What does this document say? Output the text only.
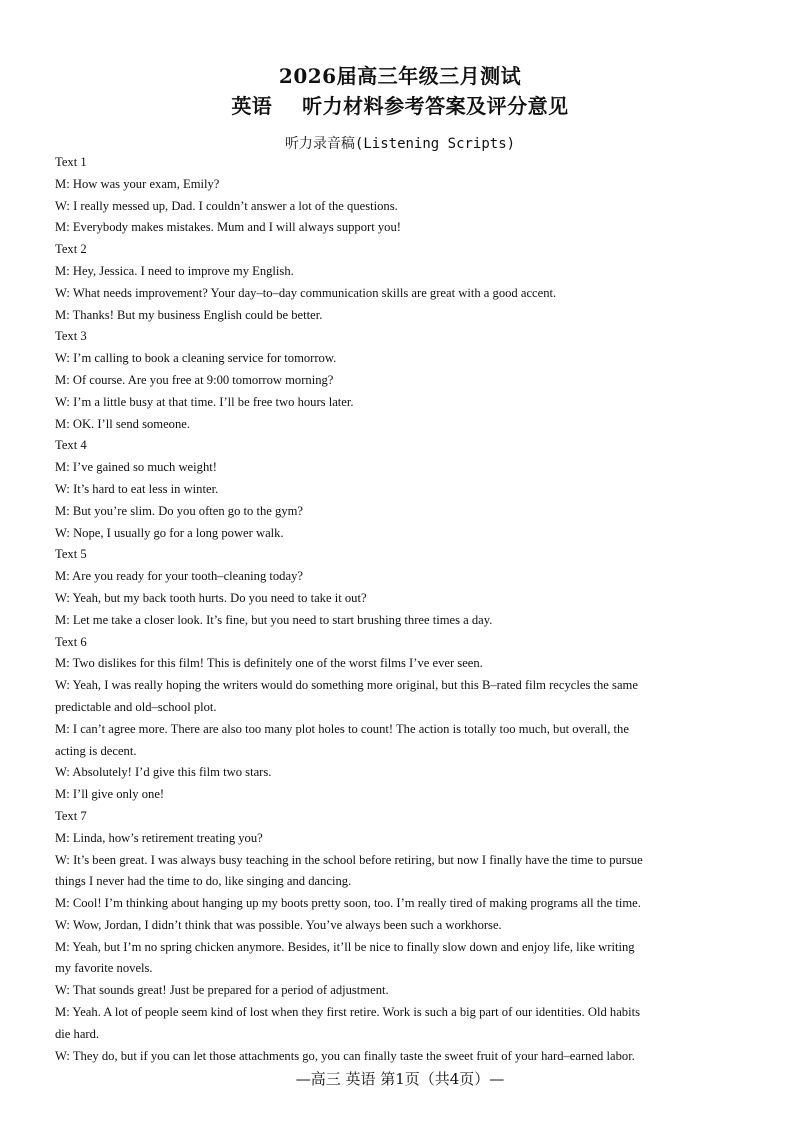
2026届高三年级三月测试
英语    听力材料参考答案及评分意见
听力录音稿(Listening Scripts)

Text 1

M: How was your exam, Emily?

W: I really messed up, Dad. I couldn’t answer a lot of the questions.

M: Everybody makes mistakes. Mum and I will always support you!

Text 2

M: Hey, Jessica. I need to improve my English.

W: What needs improvement? Your day–to–day communication skills are great with a good accent.

M: Thanks! But my business English could be better.

Text 3

W: I’m calling to book a cleaning service for tomorrow.

M: Of course. Are you free at 9:00 tomorrow morning?

W: I’m a little busy at that time. I’ll be free two hours later.

M: OK. I’ll send someone.

Text 4

M: I’ve gained so much weight!

W: It’s hard to eat less in winter.

M: But you’re slim. Do you often go to the gym?

W: Nope, I usually go for a long power walk.

Text 5

M: Are you ready for your tooth–cleaning today?

W: Yeah, but my back tooth hurts. Do you need to take it out?

M: Let me take a closer look. It’s fine, but you need to start brushing three times a day.

Text 6

M: Two dislikes for this film! This is definitely one of the worst films I’ve ever seen.

W: Yeah, I was really hoping the writers would do something more original, but this B–rated film recycles the same

predictable and old–school plot.

M: I can’t agree more. There are also too many plot holes to count! The action is totally too much, but overall, the

acting is decent.

W: Absolutely! I’d give this film two stars.

M: I’ll give only one!

Text 7

M: Linda, how’s retirement treating you?

W: It’s been great. I was always busy teaching in the school before retiring, but now I finally have the time to pursue

things I never had the time to do, like singing and dancing.

M: Cool! I’m thinking about hanging up my boots pretty soon, too. I’m really tired of making programs all the time.

W: Wow, Jordan, I didn’t think that was possible. You’ve always been such a workhorse.

M: Yeah, but I’m no spring chicken anymore. Besides, it’ll be nice to finally slow down and enjoy life, like writing

my favorite novels.

W: That sounds great! Just be prepared for a period of adjustment.

M: Yeah. A lot of people seem kind of lost when they first retire. Work is such a big part of our identities. Old habits

die hard.

W: They do, but if you can let those attachments go, you can finally taste the sweet fruit of your hard–earned labor.

—高三 英语 第1页（共4页）—
